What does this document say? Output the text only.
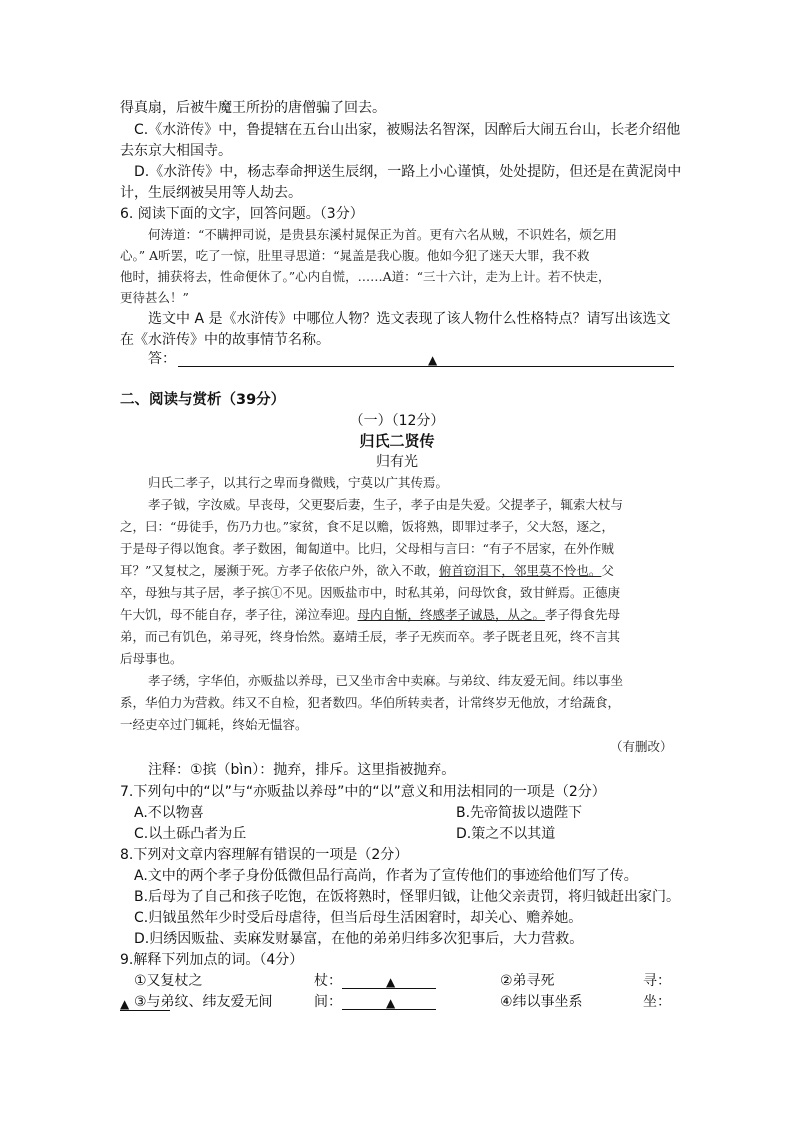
得真扇，后被牛魔王所扮的唐僧骗了回去。
C.《水浒传》中，鲁提辖在五台山出家，被赐法名智深，因醉后大闹五台山，长老介绍他
去东京大相国寺。
D.《水浒传》中，杨志奉命押送生辰纲，一路上小心谨慎，处处提防，但还是在黄泥岗中
计，生辰纲被吴用等人劫去。
6. 阅读下面的文字，回答问题。（3分）
何涛道：“不瞒押司说，是贵县东溪村晁保正为首。更有六名从贼，不识姓名，烦乞用
心。” A听罢，吃了一惊，肚里寻思道：“晁盖是我心腹。他如今犯了迷天大罪，我不救
他时，捕获将去，性命便休了。”心内自慌，……A道：“三十六计，走为上计。若不快走，
更待甚么！”
选文中 A 是《水浒传》中哪位人物？选文表现了该人物什么性格特点？请写出该选文
在《水浒传》中的故事情节名称。
答：	▲
二、阅读与赏析（39分）
（一）（12分）
归氏二贤传
归有光
归氏二孝子，以其行之卑而身微贱，宁莫以广其传焉。
孝子钺，字汝威。早丧母，父更娶后妻，生子，孝子由是失爱。父提孝子，辄索大杖与
之，曰：“毋徒手，伤乃力也。”家贫，食不足以赡，饭将熟，即罪过孝子，父大怒，逐之，
于是母子得以饱食。孝子数困，匍匐道中。比归，父母相与言曰：“有子不居家，在外作贼
耳？”又复杖之，屡濒于死。方孝子依依户外，欲入不敢，俯首窃泪下，邻里莫不怜也。父
卒，母独与其子居，孝子摈①不见。因贩盐市中，时私其弟，问母饮食，致甘鲜焉。正德庚
午大饥，母不能自存，孝子往，涕泣奉迎。母内自惭，终感孝子诚恳，从之。孝子得食先母
弟，而己有饥色，弟寻死，终身怡然。嘉靖壬辰，孝子无疾而卒。孝子既老且死，终不言其
后母事也。
孝子绣，字华伯，亦贩盐以养母，已又坐市舍中卖麻。与弟纹、纬友爱无间。纬以事坐
系，华伯力为营救。纬又不自检，犯者数四。华伯所转卖者，计常终岁无他放，才给蔬食，
一经吏卒过门辄耗，终始无愠容。
（有删改）
注释：①摈（bìn）：抛弃，排斥。这里指被抛弃。
7.下列句中的“以”与“亦贩盐以养母”中的“以”意义和用法相同的一项是（2分）
A.不以物喜	B.先帝简拔以遗陛下
C.以土砾凸者为丘	D.策之不以其道
8.下列对文章内容理解有错误的一项是（2分）
A.文中的两个孝子身份低微但品行高尚，作者为了宣传他们的事迹给他们写了传。
B.后母为了自己和孩子吃饱，在饭将熟时，怪罪归钺，让他父亲责罚，将归钺赶出家门。
C.归钺虽然年少时受后母虐待，但当后母生活困窘时，却关心、赡养她。
D.归绣因贩盐、卖麻发财暴富，在他的弟弟归纬多次犯事后，大力营救。
9.解释下列加点的词。（4分）
①又复杖之	杖：	▲	②弟寻死	寻：
▲ ③与弟纹、纬友爱无间	间：	▲	④纬以事坐系	坐：
